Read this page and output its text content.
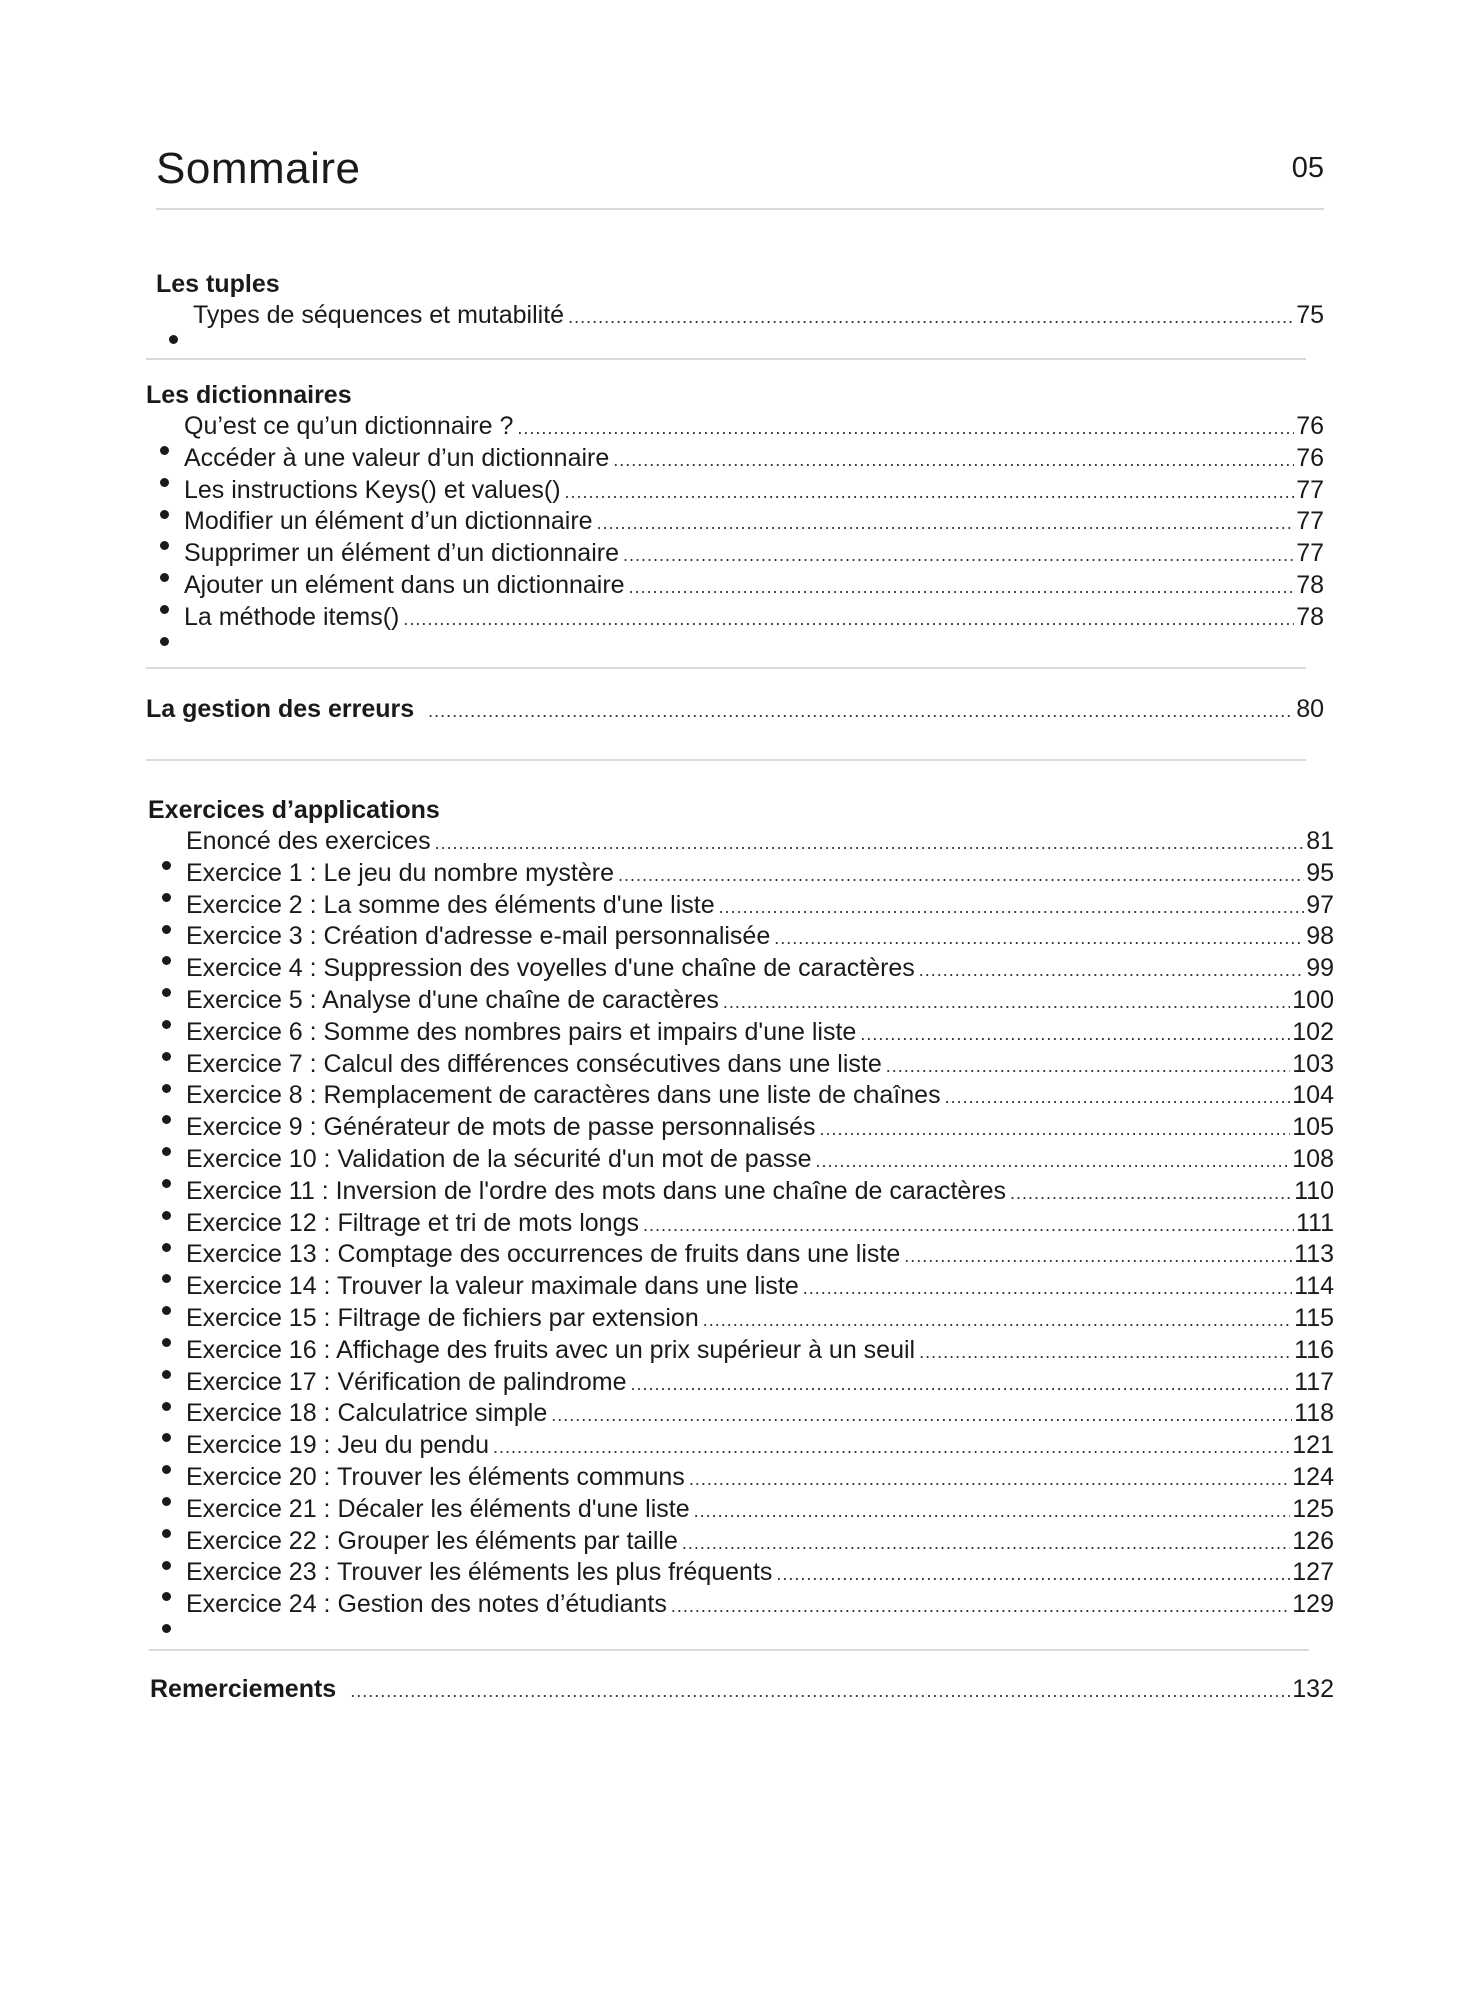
Sommaire	05
Les tuples
Types de séquences et mutabilité .....	75
Les dictionnaires
Qu’est ce qu’un dictionnaire ? .....	76
Accéder à une valeur d’un dictionnaire .....	76
Les instructions Keys() et values() .....	77
Modifier un élément d’un dictionnaire .....	77
Supprimer un élément d’un dictionnaire .....	77
Ajouter un elément dans un dictionnaire .....	78
La méthode items() .....	78
La gestion des erreurs .....	80
Exercices d’applications
Enoncé des exercices .....	81
Exercice 1 : Le jeu du nombre mystère .....	95
Exercice 2 : La somme des éléments d'une liste .....	97
Exercice 3 : Création d'adresse e-mail personnalisée .....	98
Exercice 4 : Suppression des voyelles d'une chaîne de caractères .....	99
Exercice 5 : Analyse d'une chaîne de caractères .....	100
Exercice 6 : Somme des nombres pairs et impairs d'une liste .....	102
Exercice 7 : Calcul des différences consécutives dans une liste .....	103
Exercice 8 : Remplacement de caractères dans une liste de chaînes .....	104
Exercice 9 : Générateur de mots de passe personnalisés .....	105
Exercice 10 : Validation de la sécurité d'un mot de passe .....	108
Exercice 11 : Inversion de l'ordre des mots dans une chaîne de caractères .....	110
Exercice 12 : Filtrage et tri de mots longs .....	111
Exercice 13 : Comptage des occurrences de fruits dans une liste .....	113
Exercice 14 : Trouver la valeur maximale dans une liste .....	114
Exercice 15 : Filtrage de fichiers par extension .....	115
Exercice 16 : Affichage des fruits avec un prix supérieur à un seuil .....	116
Exercice 17 : Vérification de palindrome .....	117
Exercice 18 : Calculatrice simple .....	118
Exercice 19 : Jeu du pendu .....	121
Exercice 20 : Trouver les éléments communs .....	124
Exercice 21 : Décaler les éléments d'une liste .....	125
Exercice 22 : Grouper les éléments par taille .....	126
Exercice 23 : Trouver les éléments les plus fréquents .....	127
Exercice 24 : Gestion des notes d’étudiants .....	129
Remerciements .....	132
